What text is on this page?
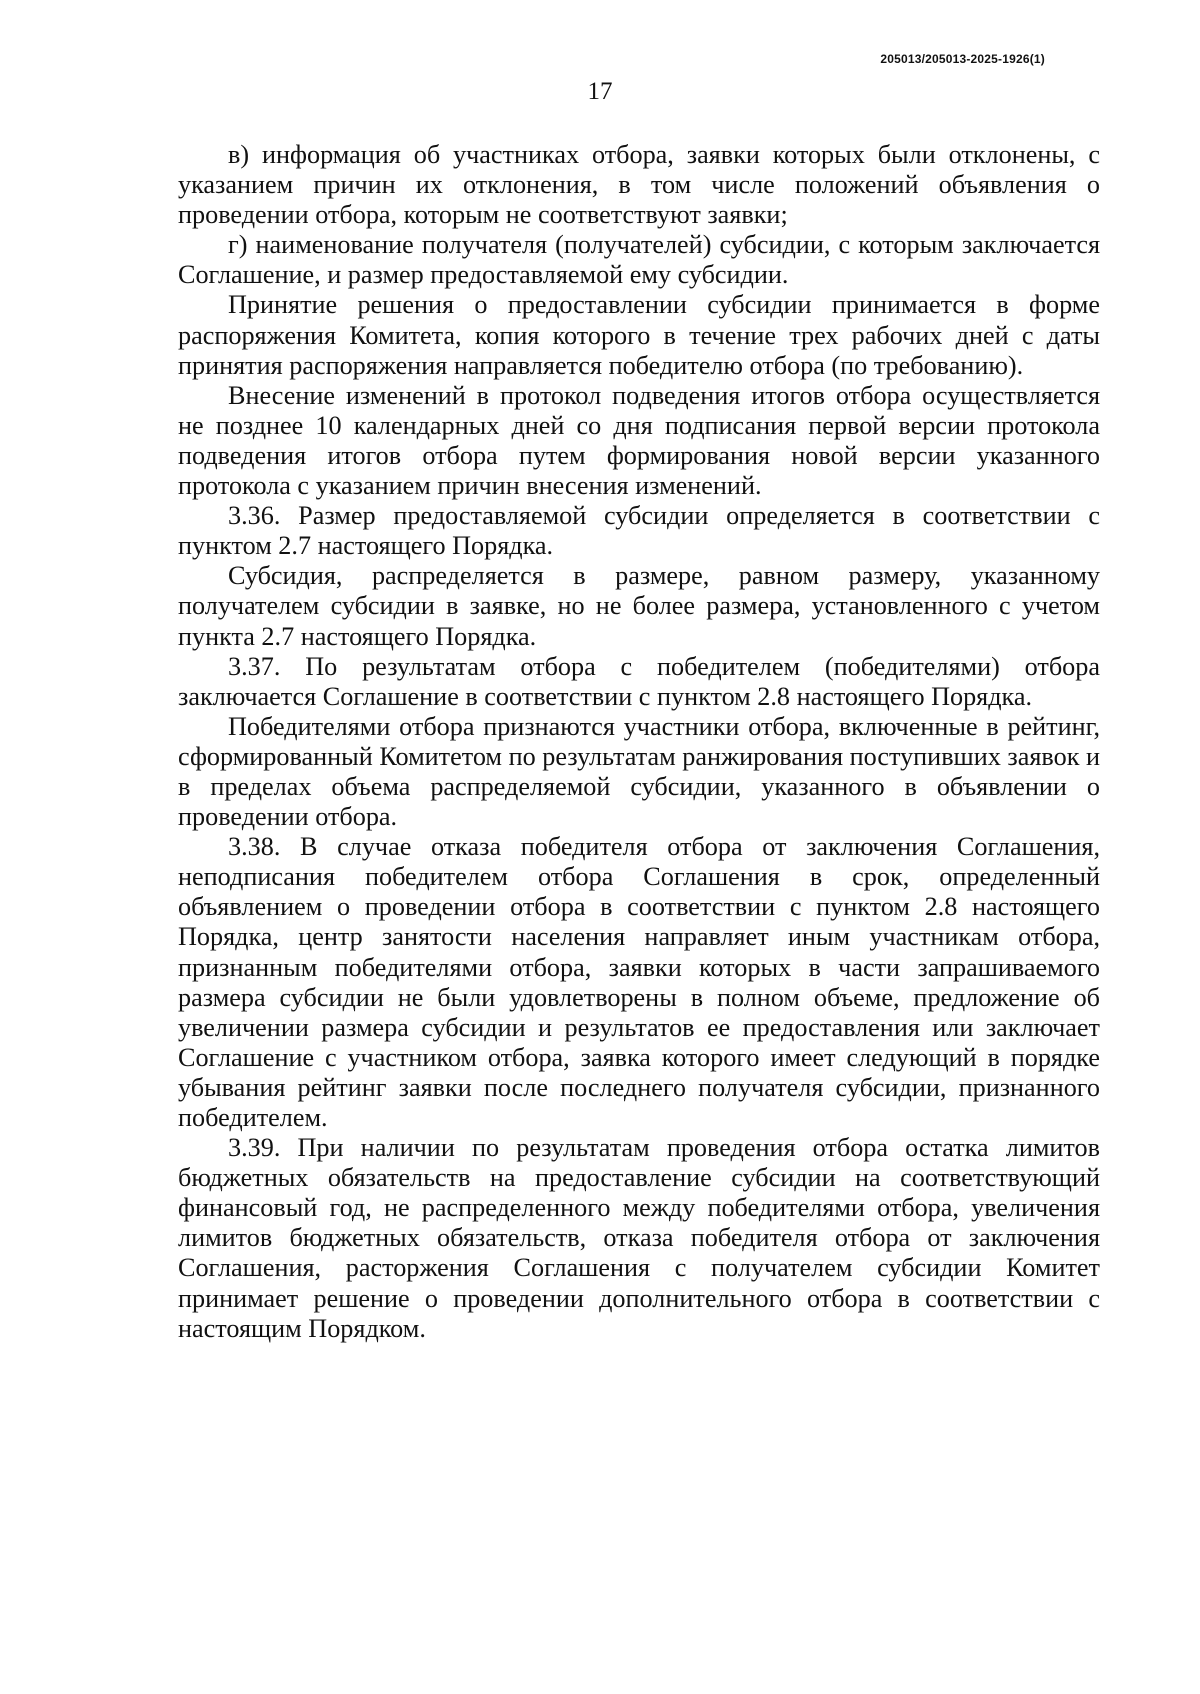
205013/205013-2025-1926(1)
17

в) информация об участниках отбора, заявки которых были отклонены, с указанием причин их отклонения, в том числе положений объявления о проведении отбора, которым не соответствуют заявки;

г) наименование получателя (получателей) субсидии, с которым заключается Соглашение, и размер предоставляемой ему субсидии.

Принятие решения о предоставлении субсидии принимается в форме распоряжения Комитета, копия которого в течение трех рабочих дней с даты принятия распоряжения направляется победителю отбора (по требованию).

Внесение изменений в протокол подведения итогов отбора осуществляется не позднее 10 календарных дней со дня подписания первой версии протокола подведения итогов отбора путем формирования новой версии указанного протокола с указанием причин внесения изменений.

3.36. Размер предоставляемой субсидии определяется в соответствии с пунктом 2.7 настоящего Порядка.

Субсидия, распределяется в размере, равном размеру, указанному получателем субсидии в заявке, но не более размера, установленного с учетом пункта 2.7 настоящего Порядка.

3.37. По результатам отбора с победителем (победителями) отбора заключается Соглашение в соответствии с пунктом 2.8 настоящего Порядка.

Победителями отбора признаются участники отбора, включенные в рейтинг, сформированный Комитетом по результатам ранжирования поступивших заявок и в пределах объема распределяемой субсидии, указанного в объявлении о проведении отбора.

3.38. В случае отказа победителя отбора от заключения Соглашения, неподписания победителем отбора Соглашения в срок, определенный объявлением о проведении отбора в соответствии с пунктом 2.8 настоящего Порядка, центр занятости населения направляет иным участникам отбора, признанным победителями отбора, заявки которых в части запрашиваемого размера субсидии не были удовлетворены в полном объеме, предложение об увеличении размера субсидии и результатов ее предоставления или заключает Соглашение с участником отбора, заявка которого имеет следующий в порядке убывания рейтинг заявки после последнего получателя субсидии, признанного победителем.

3.39. При наличии по результатам проведения отбора остатка лимитов бюджетных обязательств на предоставление субсидии на соответствующий финансовый год, не распределенного между победителями отбора, увеличения лимитов бюджетных обязательств, отказа победителя отбора от заключения Соглашения, расторжения Соглашения с получателем субсидии Комитет принимает решение о проведении дополнительного отбора в соответствии с настоящим Порядком.
